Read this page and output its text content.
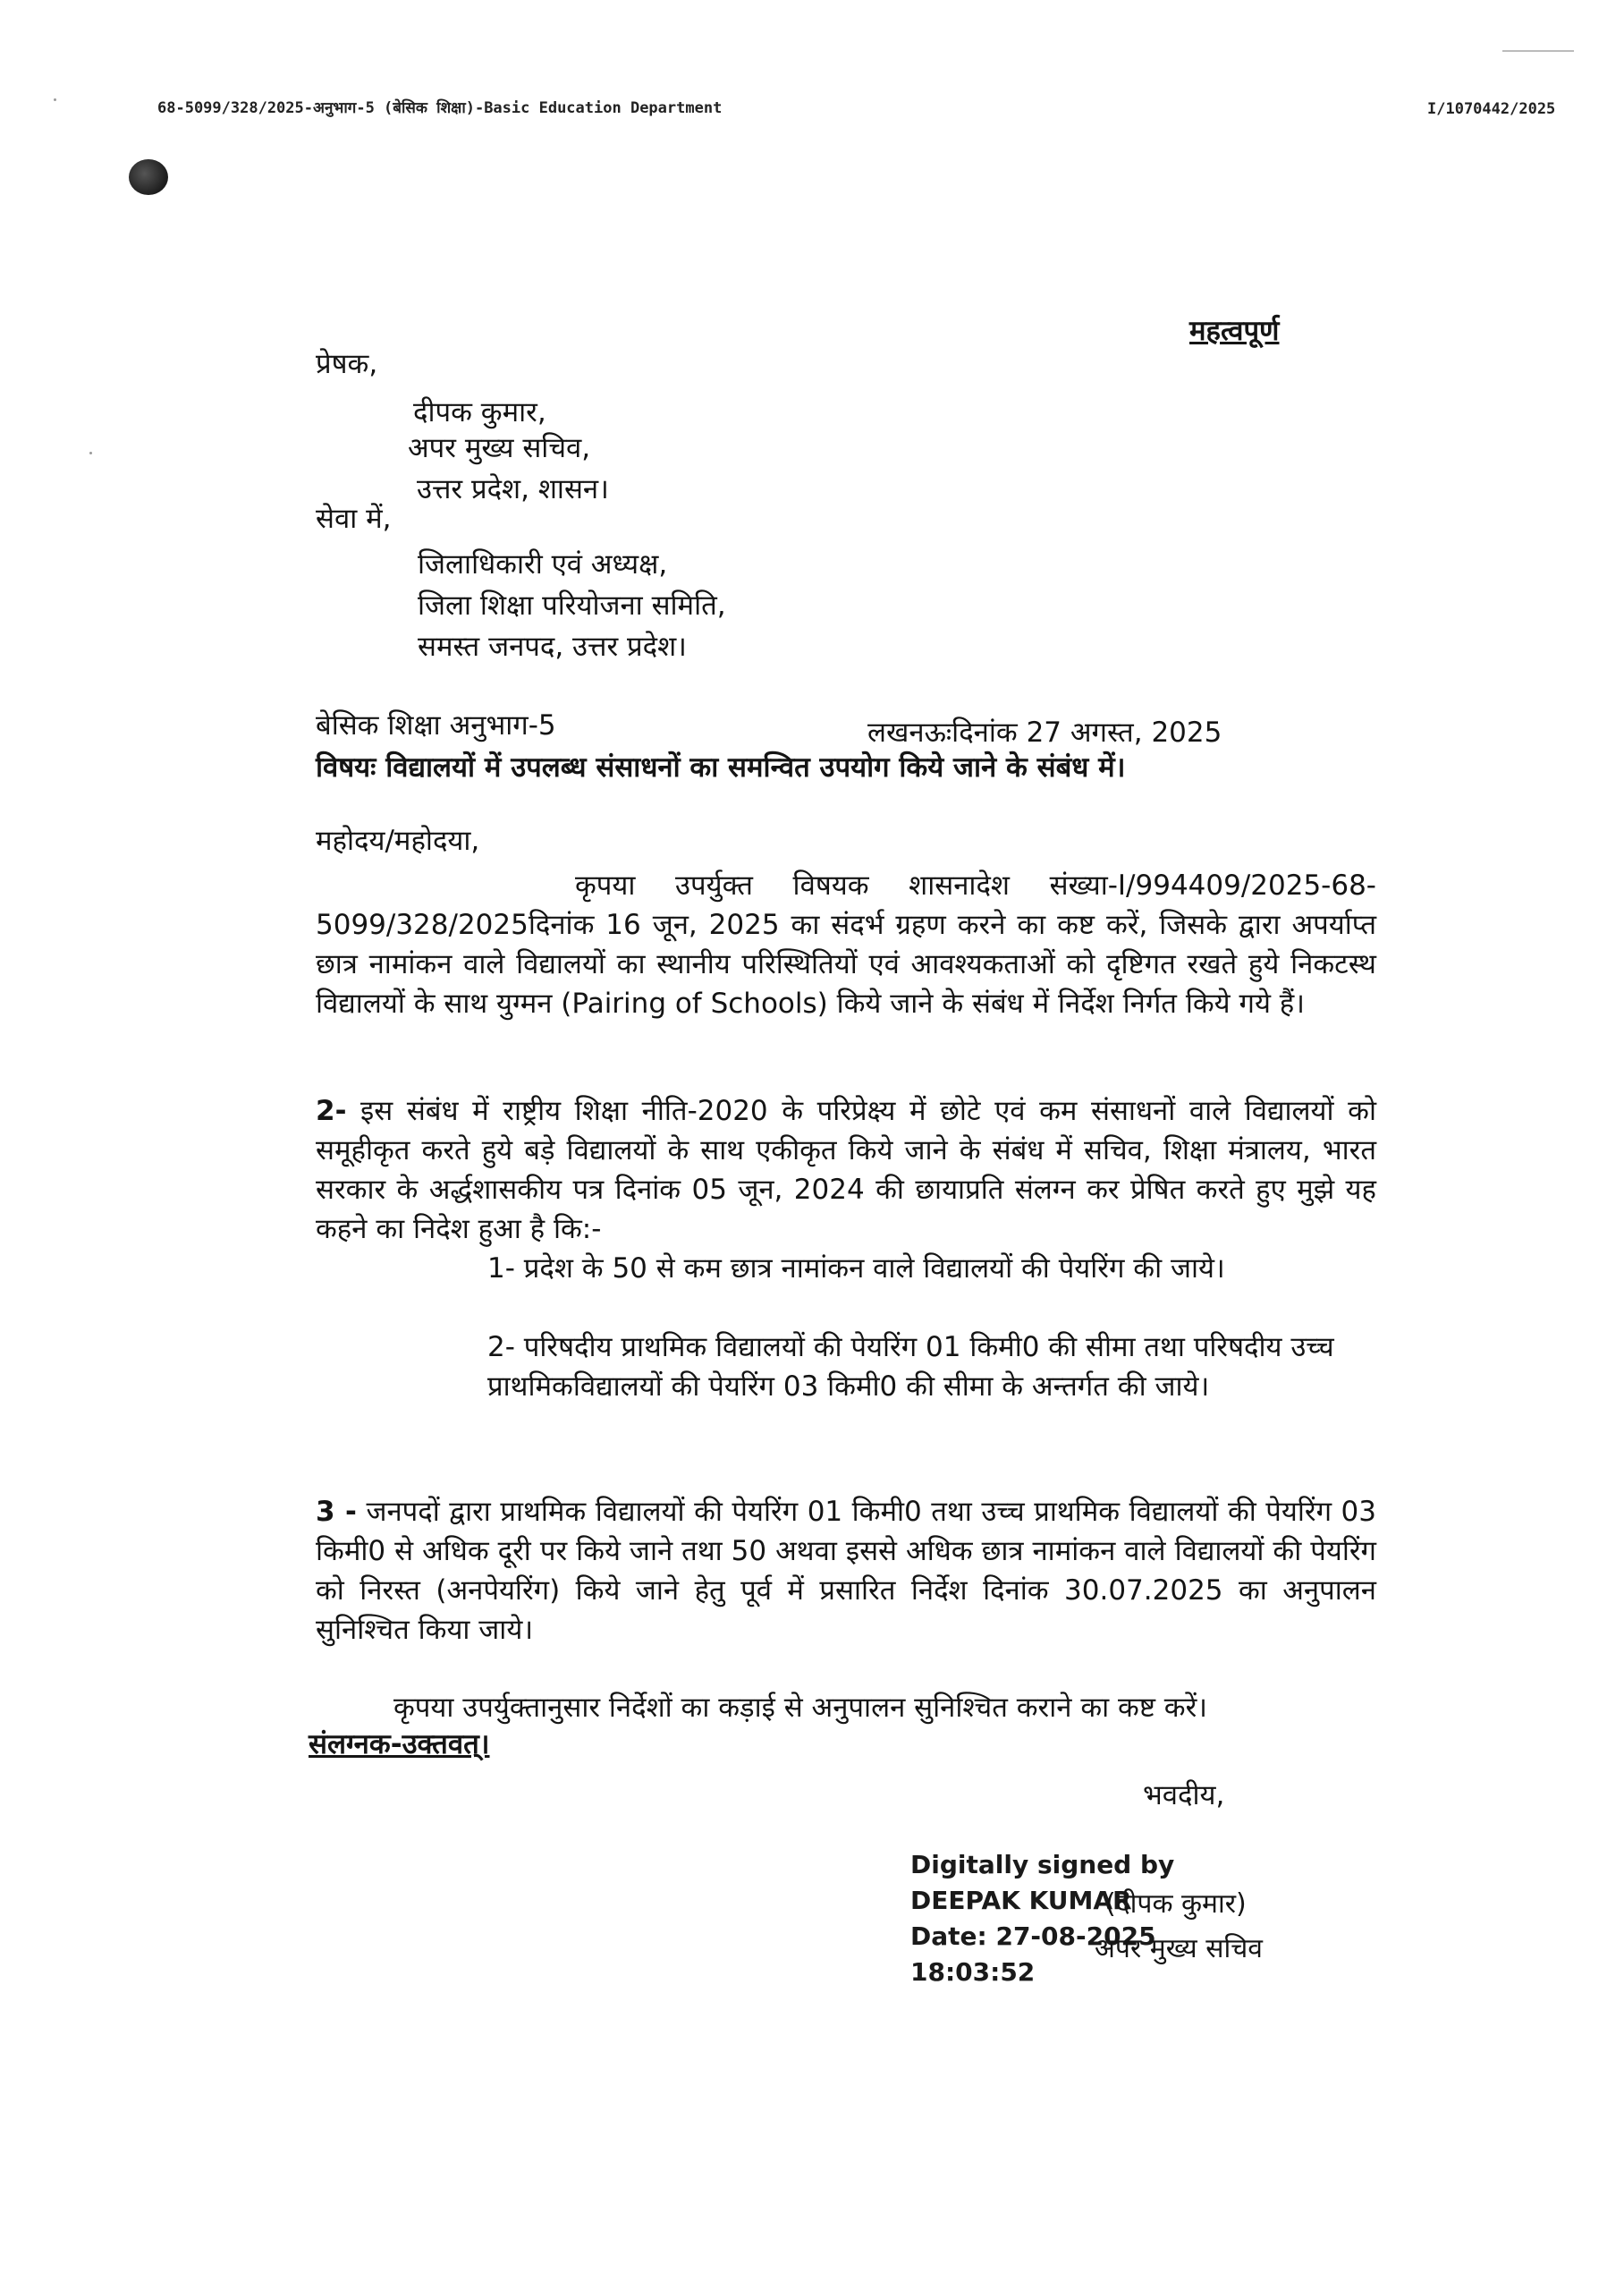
68-5099/328/2025-अनुभाग-5 (बेसिक शिक्षा)-Basic Education Department	I/1070442/2025
महत्वपूर्ण
प्रेषक,
दीपक कुमार,
अपर मुख्य सचिव,
उत्तर प्रदेश, शासन।
सेवा में,
जिलाधिकारी एवं अध्यक्ष,
जिला शिक्षा परियोजना समिति,
समस्त जनपद, उत्तर प्रदेश।
बेसिक शिक्षा अनुभाग-5	लखनऊःदिनांक 27 अगस्त, 2025
विषयः विद्यालयों में उपलब्ध संसाधनों का समन्वित उपयोग किये जाने के संबंध में।
महोदय/महोदया,
कृपया उपर्युक्त विषयक शासनादेश संख्या-I/994409/2025-68-5099/328/2025दिनांक 16 जून, 2025 का संदर्भ ग्रहण करने का कष्ट करें, जिसके द्वारा अपर्याप्त छात्र नामांकन वाले विद्यालयों का स्थानीय परिस्थितियों एवं आवश्यकताओं को दृष्टिगत रखते हुये निकटस्थ विद्यालयों के साथ युग्मन (Pairing of Schools) किये जाने के संबंध में निर्देश निर्गत किये गये हैं।
2- इस संबंध में राष्ट्रीय शिक्षा नीति-2020 के परिप्रेक्ष्य में छोटे एवं कम संसाधनों वाले विद्यालयों को समूहीकृत करते हुये बड़े विद्यालयों के साथ एकीकृत किये जाने के संबंध में सचिव, शिक्षा मंत्रालय, भारत सरकार के अर्द्धशासकीय पत्र दिनांक 05 जून, 2024 की छायाप्रति संलग्न कर प्रेषित करते हुए मुझे यह कहने का निदेश हुआ है कि:-
1- प्रदेश के 50 से कम छात्र नामांकन वाले विद्यालयों की पेयरिंग की जाये।
2- परिषदीय प्राथमिक विद्यालयों की पेयरिंग 01 किमी0 की सीमा तथा परिषदीय उच्च प्राथमिकविद्यालयों की पेयरिंग 03 किमी0 की सीमा के अन्तर्गत की जाये।
3 - जनपदों द्वारा प्राथमिक विद्यालयों की पेयरिंग 01 किमी0 तथा उच्च प्राथमिक विद्यालयों की पेयरिंग 03 किमी0 से अधिक दूरी पर किये जाने तथा 50 अथवा इससे अधिक छात्र नामांकन वाले विद्यालयों की पेयरिंग को निरस्त (अनपेयरिंग) किये जाने हेतु पूर्व में प्रसारित निर्देश दिनांक 30.07.2025 का अनुपालन सुनिश्चित किया जाये।
कृपया उपर्युक्तानुसार निर्देशों का कड़ाई से अनुपालन सुनिश्चित कराने का कष्ट करें।
संलग्नक-उक्तवत्।
भवदीय,
Digitally signed by
DEEPAK KUMAR
Date: 27-08-2025
18:03:52
(दीपक कुमार)
अपर मुख्य सचिव
